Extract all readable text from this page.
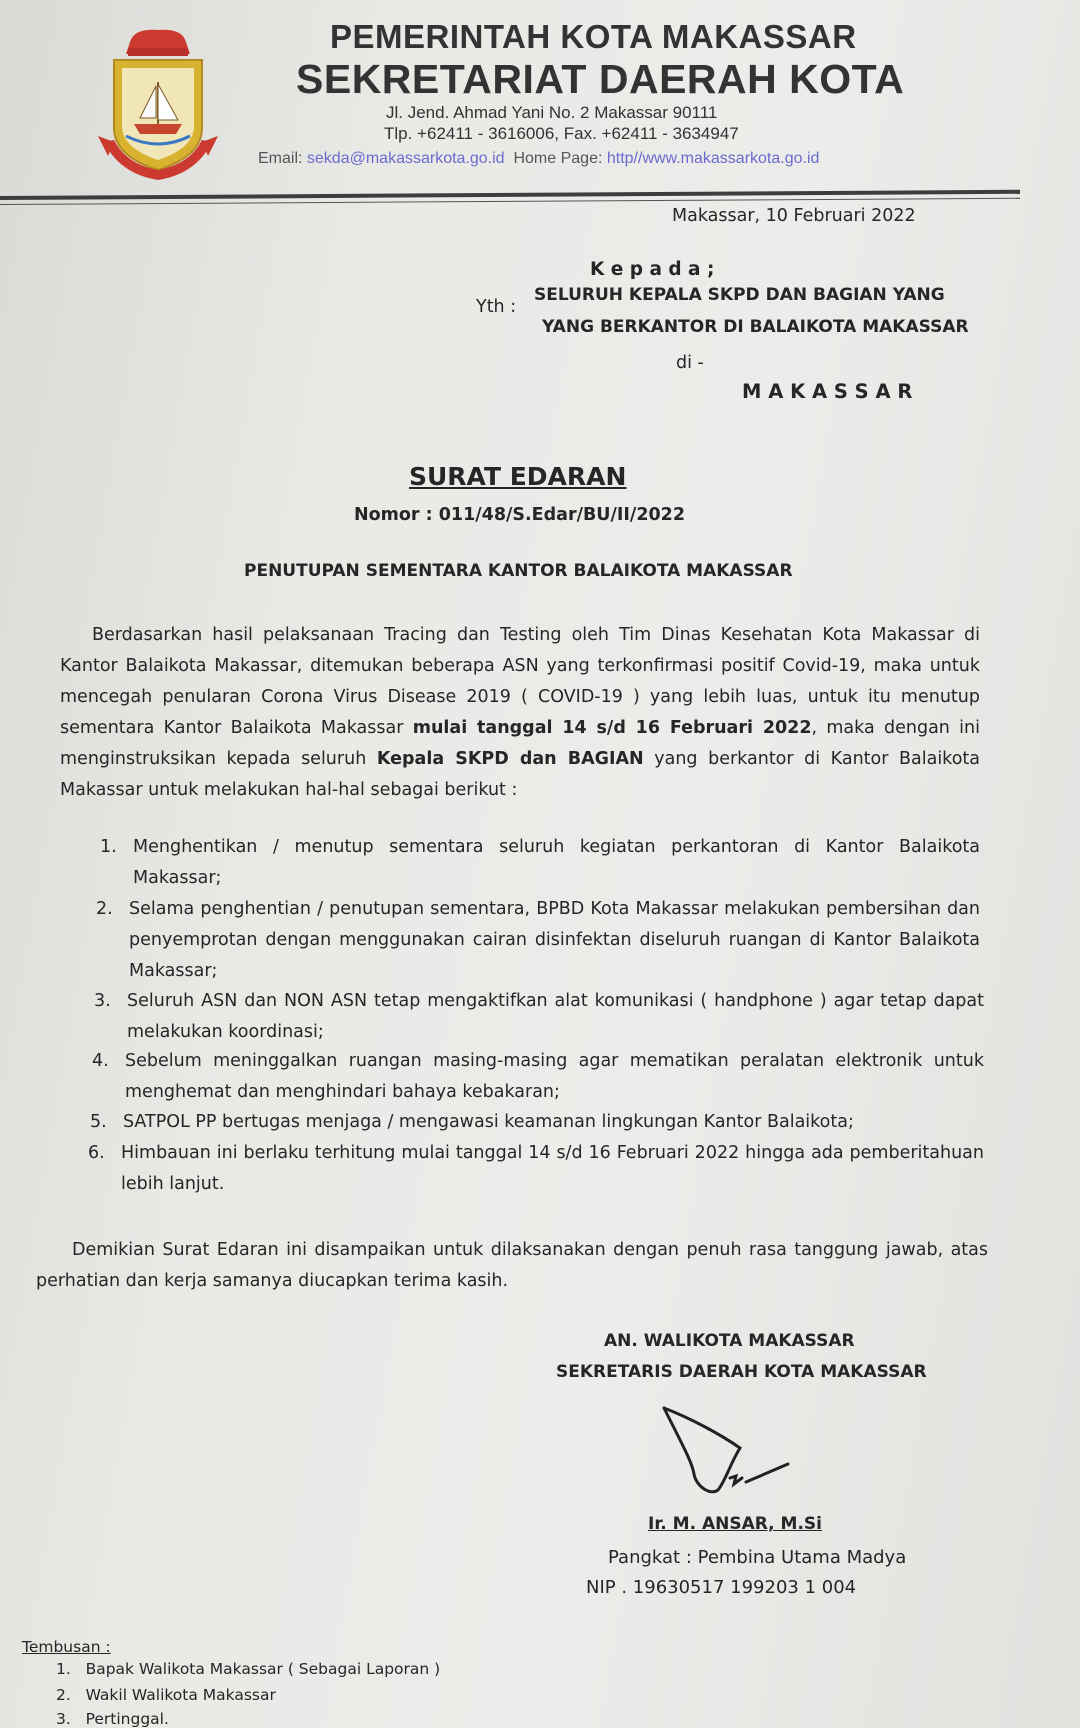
PEMERINTAH KOTA MAKASSAR
SEKRETARIAT DAERAH KOTA
Jl. Jend. Ahmad Yani No. 2 Makassar 90111
Tlp. +62411 - 3616006, Fax. +62411 - 3634947
Email: sekda@makassarkota.go.id Home Page: http//www.makassarkota.go.id
Makassar, 10 Februari 2022
K e p a d a ;
Yth :
SELURUH KEPALA SKPD DAN BAGIAN YANG
YANG BERKANTOR DI BALAIKOTA MAKASSAR
di -
M A K A S S A R
SURAT EDARAN
Nomor : 011/48/S.Edar/BU/II/2022
PENUTUPAN SEMENTARA KANTOR BALAIKOTA MAKASSAR

Berdasarkan hasil pelaksanaan Tracing dan Testing oleh Tim Dinas Kesehatan Kota Makassar di Kantor Balaikota Makassar, ditemukan beberapa ASN yang terkonfirmasi positif Covid-19, maka untuk mencegah penularan Corona Virus Disease 2019 ( COVID-19 ) yang lebih luas, untuk itu menutup sementara Kantor Balaikota Makassar mulai tanggal 14 s/d 16 Februari 2022, maka dengan ini menginstruksikan kepada seluruh Kepala SKPD dan BAGIAN yang berkantor di Kantor Balaikota Makassar untuk melakukan hal-hal sebagai berikut :

1. Menghentikan / menutup sementara seluruh kegiatan perkantoran di Kantor Balaikota Makassar;
2. Selama penghentian / penutupan sementara, BPBD Kota Makassar melakukan pembersihan dan penyemprotan dengan menggunakan cairan disinfektan diseluruh ruangan di Kantor Balaikota Makassar;
3. Seluruh ASN dan NON ASN tetap mengaktifkan alat komunikasi ( handphone ) agar tetap dapat melakukan koordinasi;
4. Sebelum meninggalkan ruangan masing-masing agar mematikan peralatan elektronik untuk menghemat dan menghindari bahaya kebakaran;
5. SATPOL PP bertugas menjaga / mengawasi keamanan lingkungan Kantor Balaikota;
6. Himbauan ini berlaku terhitung mulai tanggal 14 s/d 16 Februari 2022 hingga ada pemberitahuan lebih lanjut.
Demikian Surat Edaran ini disampaikan untuk dilaksanakan dengan penuh rasa tanggung jawab, atas perhatian dan kerja samanya diucapkan terima kasih.
AN. WALIKOTA MAKASSAR
SEKRETARIS DAERAH KOTA MAKASSAR
Ir. M. ANSAR, M.Si
Pangkat : Pembina Utama Madya
NIP . 19630517 199203 1 004
Tembusan :
1. Bapak Walikota Makassar ( Sebagai Laporan )
2. Wakil Walikota Makassar
3. Pertinggal.
